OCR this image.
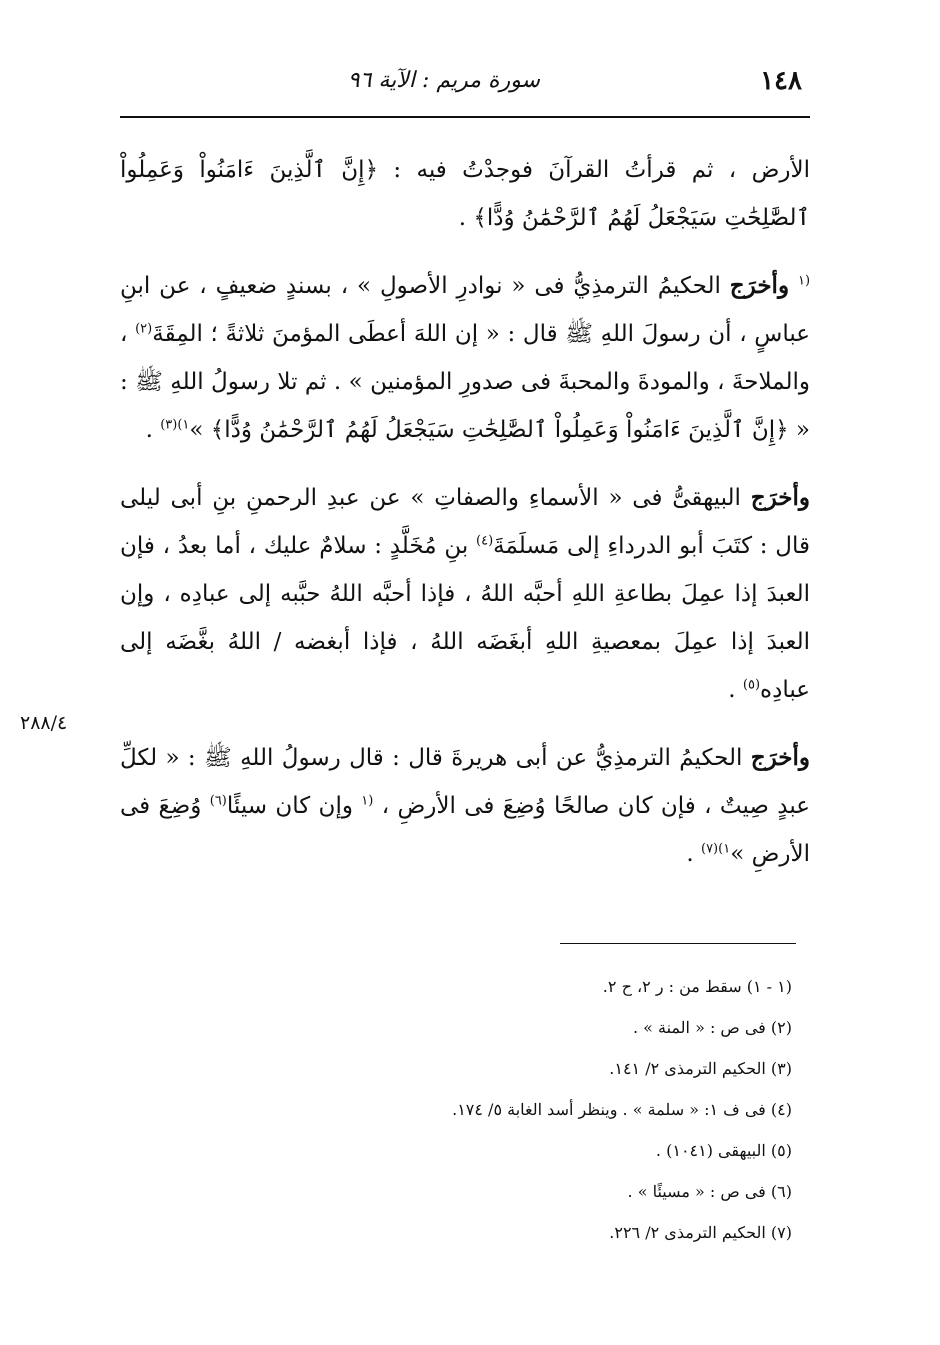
١٤٨
سورة مريم : الآية ٩٦

الأرض ، ثم قرأتُ القرآنَ فوجدْتُ فيه : ﴿إِنَّ ٱلَّذِينَ ءَامَنُواْ وَعَمِلُواْ ٱلصَّٰلِحَٰتِ سَيَجْعَلُ لَهُمُ ٱلرَّحْمَٰنُ وُدًّا﴾ .

$^{(١}$ وأخرَج الحكيمُ الترمذِيُّ فى « نوادرِ الأصولِ » ، بسندٍ ضعيفٍ ، عن ابنِ عباسٍ ، أن رسولَ اللهِ ﷺ قال : « إن اللهَ أعطَى المؤمنَ ثلاثةً ؛ المِقَةَ$^{(٢)}$ ، والملاحةَ ، والمودةَ والمحبةَ فى صدورِ المؤمنين » . ثم تلا رسولُ اللهِ ﷺ : « ﴿إِنَّ ٱلَّذِينَ ءَامَنُواْ وَعَمِلُواْ ٱلصَّٰلِحَٰتِ سَيَجْعَلُ لَهُمُ ٱلرَّحْمَٰنُ وُدًّا﴾ »$^{١)(٣)}$ .

وأخرَج البيهقىُّ فى « الأسماءِ والصفاتِ » عن عبدِ الرحمنِ بنِ أبى ليلى قال : كتَبَ أبو الدرداءِ إلى مَسلَمَةَ$^{(٤)}$ بنِ مُخَلَّدٍ : سلامٌ عليك ، أما بعدُ ، فإن العبدَ إذا عمِلَ بطاعةِ اللهِ أحبَّه اللهُ ، فإذا أحبَّه اللهُ حبَّبه إلى عبادِه ، وإن العبدَ إذا عمِلَ بمعصيةِ اللهِ أبغَضَه اللهُ ، فإذا أبغضه / اللهُ بغَّضَه إلى عبادِه$^{(٥)}$ .

وأخرَج الحكيمُ الترمذِيُّ عن أبى هريرةَ قال : قال رسولُ اللهِ ﷺ : « لكلِّ عبدٍ صِيتٌ ، فإن كان صالحًا وُضِعَ فى الأرضِ ، $^{(١}$ وإن كان سيئًا$^{(٦)}$ وُضِعَ فى الأرضِ »$^{١)(٧)}$ .

٢٨٨/٤

(١ - ١) سقط من : ر ٢، ح ٢.

(٢) فى ص : « المنة » .

(٣) الحكيم الترمذى ٢/ ١٤١.

(٤) فى ف ١: « سلمة » . وينظر أسد الغابة ٥/ ١٧٤.

(٥) البيهقى (١٠٤١) .

(٦) فى ص : « مسيئًا » .

(٧) الحكيم الترمذى ٢/ ٢٢٦.
